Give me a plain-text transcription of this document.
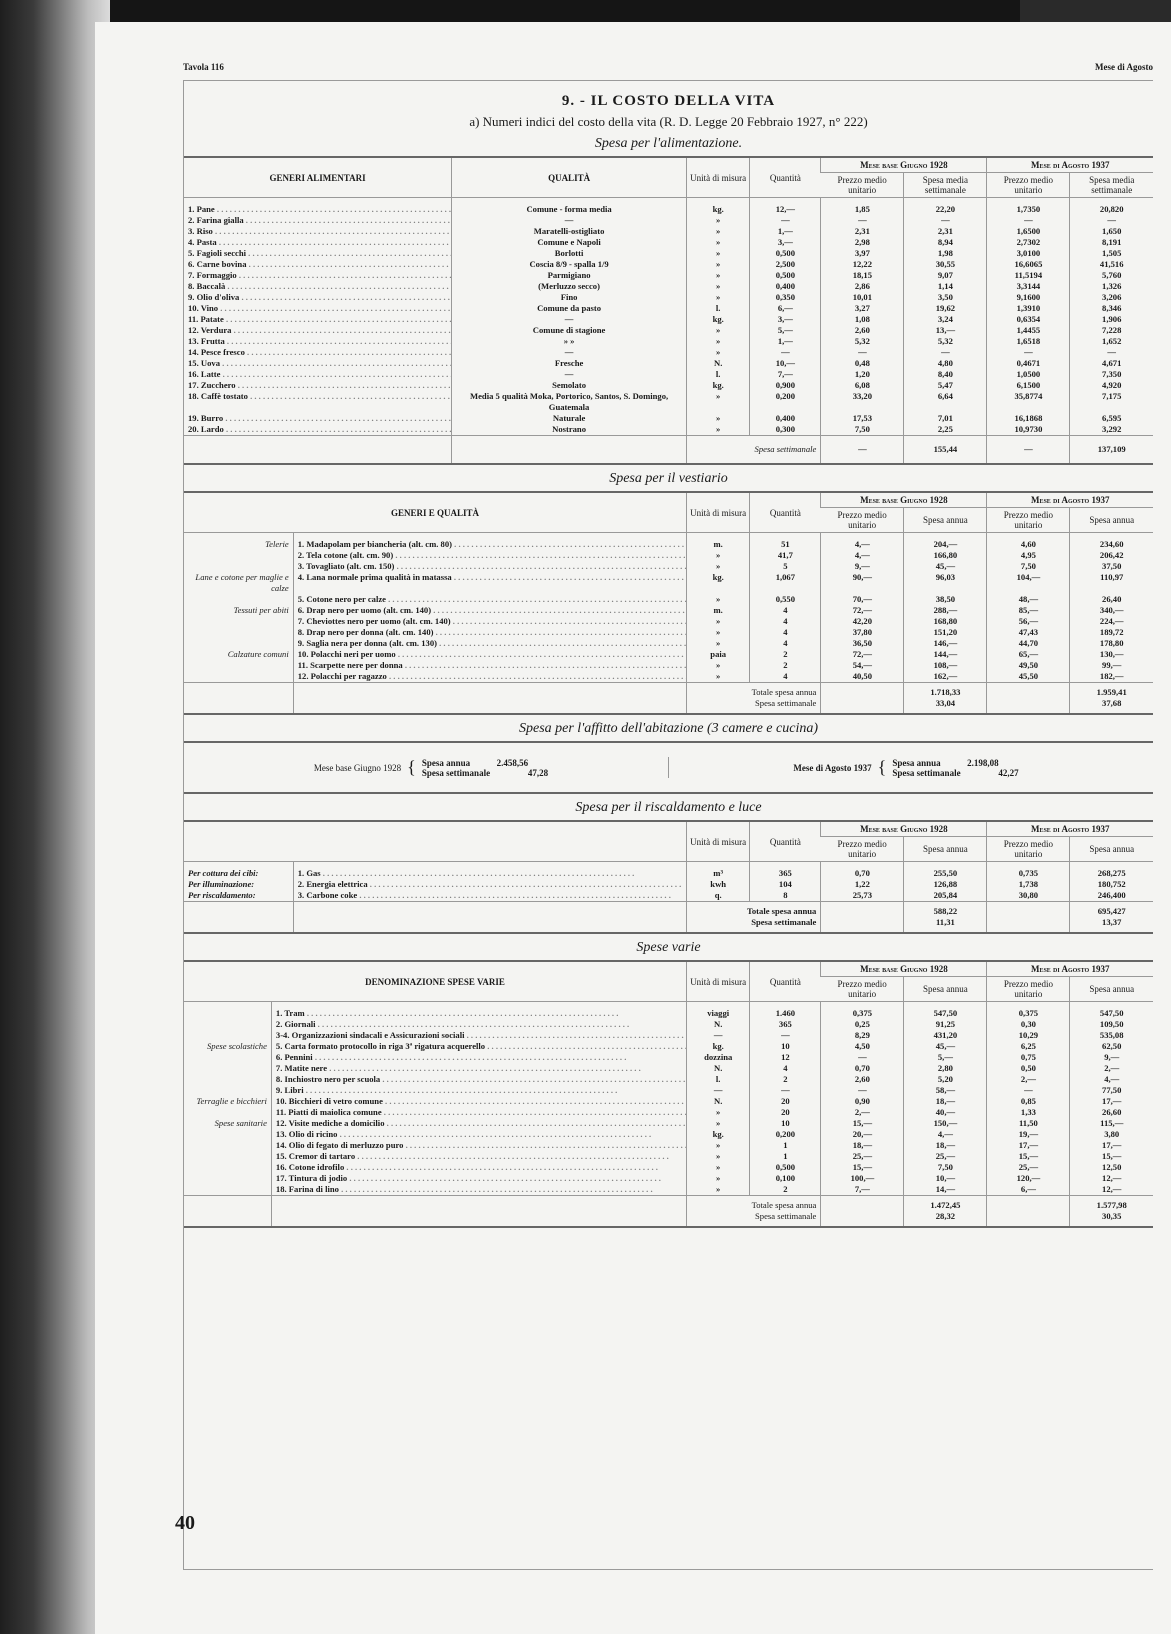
Tavola 116	Mese di Agosto
9. - IL COSTO DELLA VITA
a) Numeri indici del costo della vita (R. D. Legge 20 Febbraio 1927, n° 222)
Spesa per l'alimentazione.
GENERI ALIMENTARI	QUALITÀ	Unità di misura	Quantità	Mese base Giugno 1928		Mese di Agosto 1937	
				Prezzo medio unitario	Spesa media settimanale	Prezzo medio unitario	Spesa media settimanale
1. Pane . . .	Comune - forma media	kg.	12,—	1,85	22,20	1,7350	20,820
2. Farina gialla . . .	—	»	—	—	—	—	—
3. Riso . . .	Maratelli-ostigliato	»	1,—	2,31	2,31	1,6500	1,650
4. Pasta . . .	Comune e Napoli	»	3,—	2,98	8,94	2,7302	8,191
5. Fagioli secchi . . .	Borlotti	»	0,500	3,97	1,98	3,0100	1,505
6. Carne bovina . . .	Coscia 8/9 - spalla 1/9	»	2,500	12,22	30,55	16,6065	41,516
7. Formaggio . . .	Parmigiano	»	0,500	18,15	9,07	11,5194	5,760
8. Baccalà . . .	(Merluzzo secco)	»	0,400	2,86	1,14	3,3144	1,326
9. Olio d'oliva . . .	Fino	»	0,350	10,01	3,50	9,1600	3,206
10. Vino . . .	Comune da pasto	l.	6,—	3,27	19,62	1,3910	8,346
11. Patate . . .	—	kg.	3,—	1,08	3,24	0,6354	1,906
12. Verdura . . .	Comune di stagione	»	5,—	2,60	13,—	1,4455	7,228
13. Frutta . . .	» »	»	1,—	5,32	5,32	1,6518	1,652
14. Pesce fresco . . .	—	»	—	—	—	—	—
15. Uova . . .	Fresche	N.	10,—	0,48	4,80	0,4671	4,671
16. Latte . . .	—	l.	7,—	1,20	8,40	1,0500	7,350
17. Zucchero . . .	Semolato	kg.	0,900	6,08	5,47	6,1500	4,920
18. Caffè tostato . . .	Media 5 qualità Moka, Portorico, Santos, S. Domingo, Guatemala	»	0,200	33,20	6,64	35,8774	7,175
19. Burro . . .	Naturale	»	0,400	17,53	7,01	16,1868	6,595
20. Lardo . . .	Nostrano	»	0,300	7,50	2,25	10,9730	3,292
		Spesa settimanale		—	155,44	—	137,109
Spesa per il vestiario
GENERI E QUALITÀ		Unità di misura	Quantità	Mese base Giugno 1928		Mese di Agosto 1937	
				Prezzo medio unitario	Spesa annua	Prezzo medio unitario	Spesa annua
Telerie	1. Madapolam per biancheria (alt. cm. 80) . . .	m.	51	4,—	204,—	4,60	234,60
	2. Tela cotone (alt. cm. 90) . . .	»	41,7	4,—	166,80	4,95	206,42
	3. Tovagliato (alt. cm. 150) . . .	»	5	9,—	45,—	7,50	37,50
Lane e cotone per maglie e calze	4. Lana normale prima qualità in matassa . . .	kg.	1,067	90,—	96,03	104,—	110,97
	5. Cotone nero per calze . . .	»	0,550	70,—	38,50	48,—	26,40
Tessuti per abiti	6. Drap nero per uomo (alt. cm. 140) . . .	m.	4	72,—	288,—	85,—	340,—
	7. Cheviottes nero per uomo (alt. cm. 140) . . .	»	4	42,20	168,80	56,—	224,—
	8. Drap nero per donna (alt. cm. 140) . . .	»	4	37,80	151,20	47,43	189,72
	9. Saglia nera per donna (alt. cm. 130) . . .	»	4	36,50	146,—	44,70	178,80
Calzature comuni	10. Polacchi neri per uomo . . .	paia	2	72,—	144,—	65,—	130,—
	11. Scarpette nere per donna . . .	»	2	54,—	108,—	49,50	99,—
	12. Polacchi per ragazzo . . .	»	4	40,50	162,—	45,50	182,—
		Totale spesa annua			1.718,33		1.959,41
		Spesa settimanale			33,04		37,68
Spesa per l'affitto dell'abitazione (3 camere e cucina)
Mese base Giugno 1928 { Spesa annua	2.458,56
Spesa settimanale	47,28	Mese di Agosto 1937 { Spesa annua	2.198,08
Spesa settimanale	42,27
Spesa per il riscaldamento e luce
		Unità di misura	Quantità	Mese base Giugno 1928		Mese di Agosto 1937	
				Prezzo medio unitario	Spesa annua	Prezzo medio unitario	Spesa annua
Per cottura dei cibi:	1. Gas . . .	m³	365	0,70	255,50	0,735	268,275
Per illuminazione:	2. Energia elettrica . . .	kwh	104	1,22	126,88	1,738	180,752
Per riscaldamento:	3. Carbone coke . . .	q.	8	25,73	205,84	30,80	246,400
		Totale spesa annua			588,22		695,427
		Spesa settimanale			11,31		13,37
Spese varie
DENOMINAZIONE SPESE VARIE		Unità di misura	Quantità	Mese base Giugno 1928		Mese di Agosto 1937	
				Prezzo medio unitario	Spesa annua	Prezzo medio unitario	Spesa annua
	1. Tram . . .	viaggi	1.460	0,375	547,50	0,375	547,50
	2. Giornali . . .	N.	365	0,25	91,25	0,30	109,50
	3-4. Organizzazioni sindacali e Assicurazioni sociali . . .	—	—	8,29	431,20	10,29	535,08
Spese scolastiche	5. Carta formato protocollo in riga 3ª rigatura acquerello . . .	kg.	10	4,50	45,—	6,25	62,50
	6. Pennini . . .	dozzina	12	—	5,—	0,75	9,—
	7. Matite nere . . .	N.	4	0,70	2,80	0,50	2,—
	8. Inchiostro nero per scuola . . .	l.	2	2,60	5,20	2,—	4,—
	9. Libri . . .	—	—	—	58,—	—	77,50
Terraglie e bicchieri	10. Bicchieri di vetro comune . . .	N.	20	0,90	18,—	0,85	17,—
	11. Piatti di maiolica comune . . .	»	20	2,—	40,—	1,33	26,60
Spese sanitarie	12. Visite mediche a domicilio . . .	»	10	15,—	150,—	11,50	115,—
	13. Olio di ricino . . .	kg.	0,200	20,—	4,—	19,—	3,80
	14. Olio di fegato di merluzzo puro . . .	»	1	18,—	18,—	17,—	17,—
	15. Cremor di tartaro . . .	»	1	25,—	25,—	15,—	15,—
	16. Cotone idrofilo . . .	»	0,500	15,—	7,50	25,—	12,50
	17. Tintura di jodio . . .	»	0,100	100,—	10,—	120,—	12,—
	18. Farina di lino . . .	»	2	7,—	14,—	6,—	12,—
		Totale spesa annua			1.472,45		1.577,98
		Spesa settimanale			28,32		30,35
40
